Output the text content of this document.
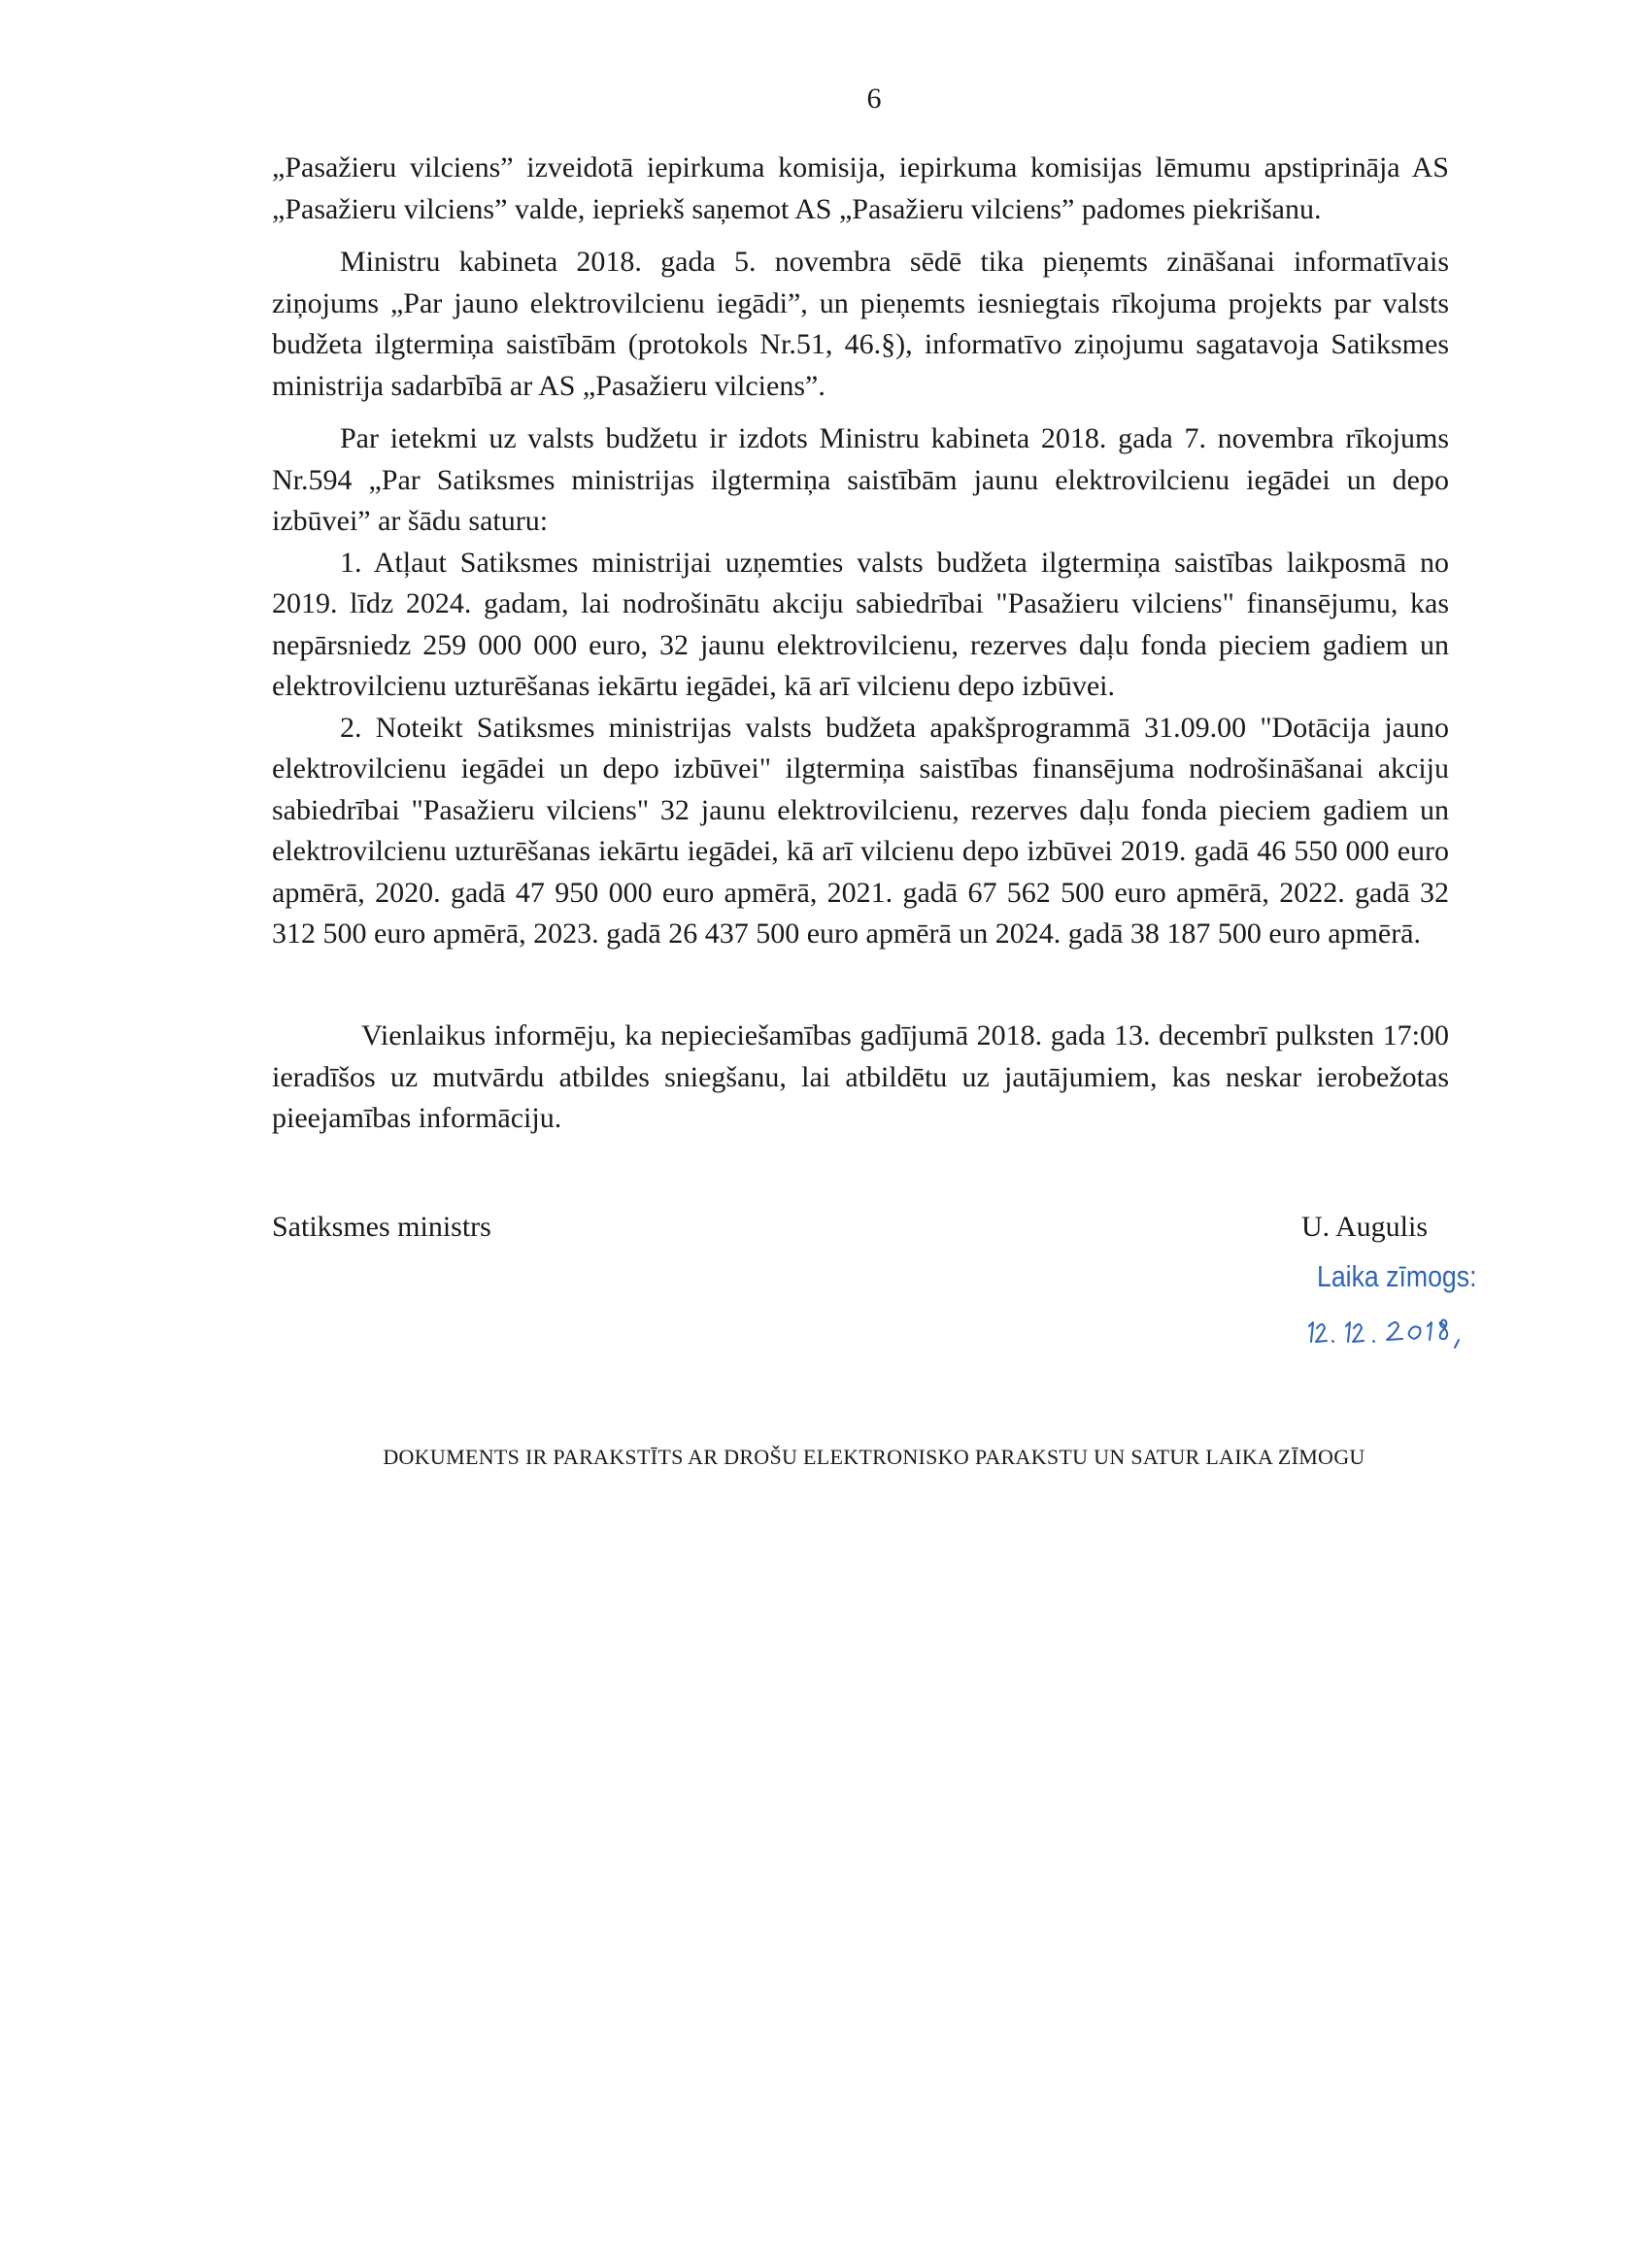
6

„Pasažieru vilciens” izveidotā iepirkuma komisija, iepirkuma komisijas lēmumu apstiprināja AS „Pasažieru vilciens” valde, iepriekš saņemot AS „Pasažieru vilciens” padomes piekrišanu.

Ministru kabineta 2018. gada 5. novembra sēdē tika pieņemts zināšanai informatīvais ziņojums „Par jauno elektrovilcienu iegādi”, un pieņemts iesniegtais rīkojuma projekts par valsts budžeta ilgtermiņa saistībām (protokols Nr.51, 46.§), informatīvo ziņojumu sagatavoja Satiksmes ministrija sadarbībā ar AS „Pasažieru vilciens”.

Par ietekmi uz valsts budžetu ir izdots Ministru kabineta 2018. gada 7. novembra rīkojums Nr.594 „Par Satiksmes ministrijas ilgtermiņa saistībām jaunu elektrovilcienu iegādei un depo izbūvei” ar šādu saturu:

1. Atļaut Satiksmes ministrijai uzņemties valsts budžeta ilgtermiņa saistības laikposmā no 2019. līdz 2024. gadam, lai nodrošinātu akciju sabiedrībai "Pasažieru vilciens" finansējumu, kas nepārsniedz 259 000 000 euro, 32 jaunu elektrovilcienu, rezerves daļu fonda pieciem gadiem un elektrovilcienu uzturēšanas iekārtu iegādei, kā arī vilcienu depo izbūvei.

2. Noteikt Satiksmes ministrijas valsts budžeta apakšprogrammā 31.09.00 "Dotācija jauno elektrovilcienu iegādei un depo izbūvei" ilgtermiņa saistības finansējuma nodrošināšanai akciju sabiedrībai "Pasažieru vilciens" 32 jaunu elektrovilcienu, rezerves daļu fonda pieciem gadiem un elektrovilcienu uzturēšanas iekārtu iegādei, kā arī vilcienu depo izbūvei 2019. gadā 46 550 000 euro apmērā, 2020. gadā 47 950 000 euro apmērā, 2021. gadā 67 562 500 euro apmērā, 2022. gadā 32 312 500 euro apmērā, 2023. gadā 26 437 500 euro apmērā un 2024. gadā 38 187 500 euro apmērā.

Vienlaikus informēju, ka nepieciešamības gadījumā 2018. gada 13. decembrī pulksten 17:00 ieradīšos uz mutvārdu atbildes sniegšanu, lai atbildētu uz jautājumiem, kas neskar ierobežotas pieejamības informāciju.

Satiksmes ministrs	U. Augulis
Laika zīmogs:
DOKUMENTS IR PARAKSTĪTS AR DROŠU ELEKTRONISKO PARAKSTU UN SATUR LAIKA ZĪMOGU
